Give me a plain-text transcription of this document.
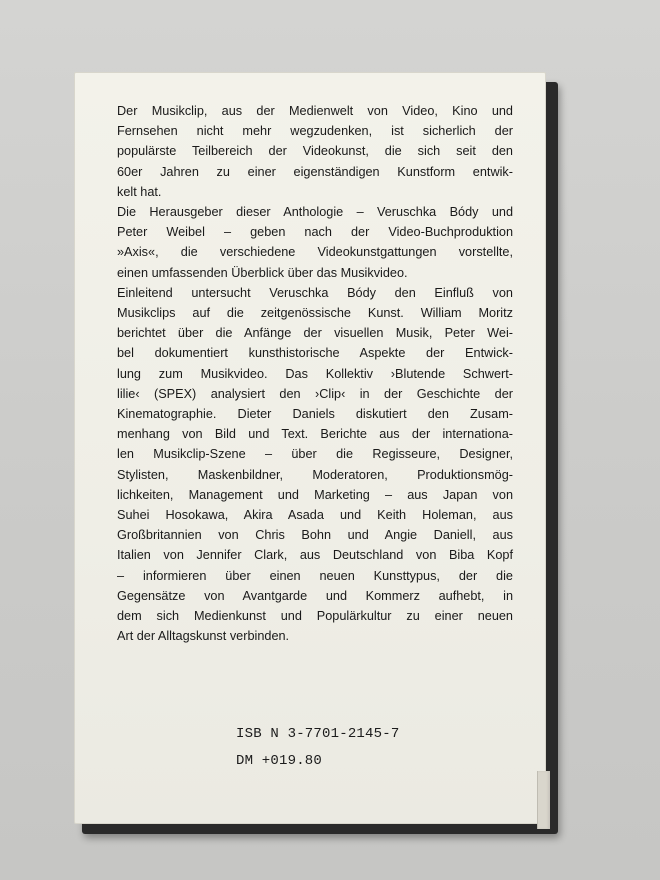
Der Musikclip, aus der Medienwelt von Video, Kino und
Fernsehen nicht mehr wegzudenken, ist sicherlich der
populärste Teilbereich der Videokunst, die sich seit den
60er Jahren zu einer eigenständigen Kunstform entwik-
kelt hat.
Die Herausgeber dieser Anthologie – Veruschka Bódy und
Peter Weibel – geben nach der Video-Buchproduktion
»Axis«, die verschiedene Videokunstgattungen vorstellte,
einen umfassenden Überblick über das Musikvideo.
Einleitend untersucht Veruschka Bódy den Einfluß von
Musikclips auf die zeitgenössische Kunst. William Moritz
berichtet über die Anfänge der visuellen Musik, Peter Wei-
bel dokumentiert kunsthistorische Aspekte der Entwick-
lung zum Musikvideo. Das Kollektiv ›Blutende Schwert-
lilie‹ (SPEX) analysiert den ›Clip‹ in der Geschichte der
Kinematographie. Dieter Daniels diskutiert den Zusam-
menhang von Bild und Text. Berichte aus der internationa-
len Musikclip-Szene – über die Regisseure, Designer,
Stylisten, Maskenbildner, Moderatoren, Produktionsmög-
lichkeiten, Management und Marketing – aus Japan von
Suhei Hosokawa, Akira Asada und Keith Holeman, aus
Großbritannien von Chris Bohn und Angie Daniell, aus
Italien von Jennifer Clark, aus Deutschland von Biba Kopf
– informieren über einen neuen Kunsttypus, der die
Gegensätze von Avantgarde und Kommerz aufhebt, in
dem sich Medienkunst und Populärkultur zu einer neuen
Art der Alltagskunst verbinden.

ISB N 3-7701-2145-7
DM +019.80
